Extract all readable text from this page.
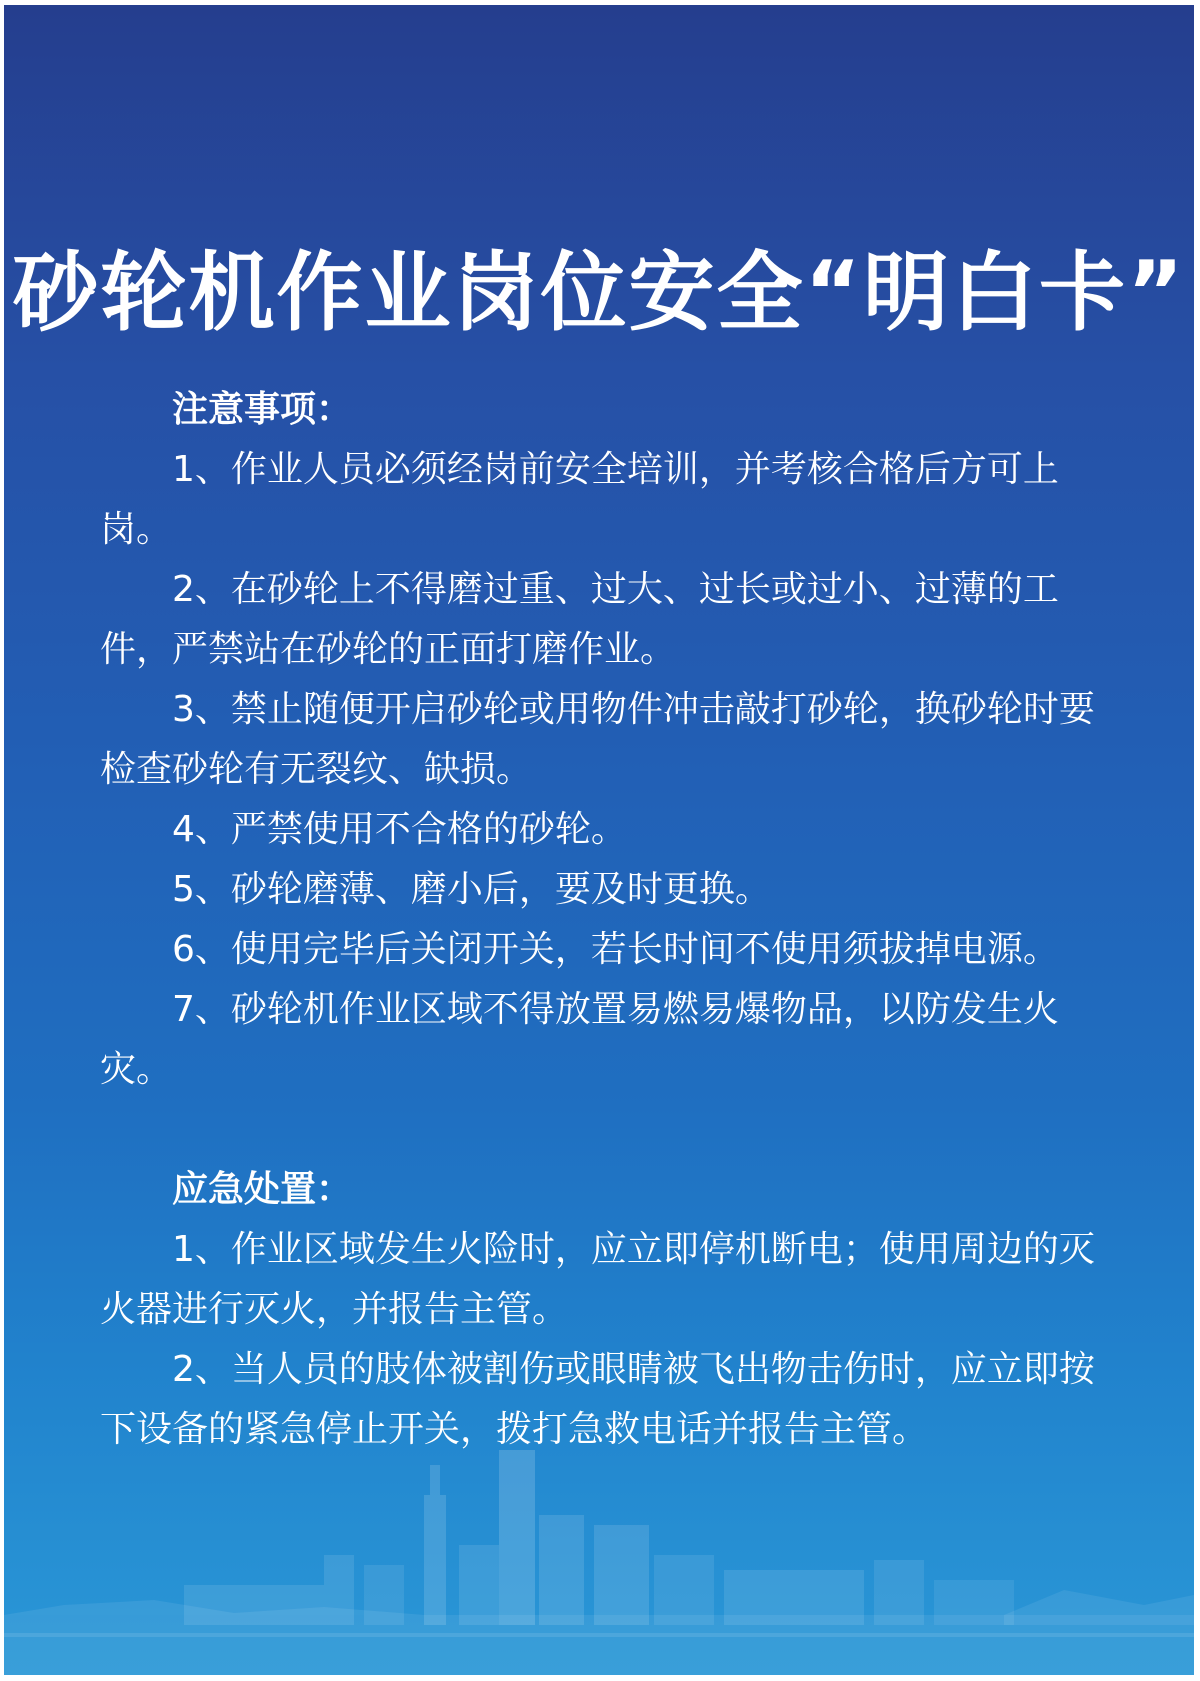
砂轮机作业岗位安全“明白卡”

注意事项：

1、作业人员必须经岗前安全培训，并考核合格后方可上岗。

2、在砂轮上不得磨过重、过大、过长或过小、过薄的工件，严禁站在砂轮的正面打磨作业。

3、禁止随便开启砂轮或用物件冲击敲打砂轮，换砂轮时要检查砂轮有无裂纹、缺损。

4、严禁使用不合格的砂轮。

5、砂轮磨薄、磨小后，要及时更换。

6、使用完毕后关闭开关，若长时间不使用须拔掉电源。

7、砂轮机作业区域不得放置易燃易爆物品，以防发生火灾。

应急处置：

1、作业区域发生火险时，应立即停机断电；使用周边的灭火器进行灭火，并报告主管。

2、当人员的肢体被割伤或眼睛被飞出物击伤时，应立即按下设备的紧急停止开关，拨打急救电话并报告主管。
